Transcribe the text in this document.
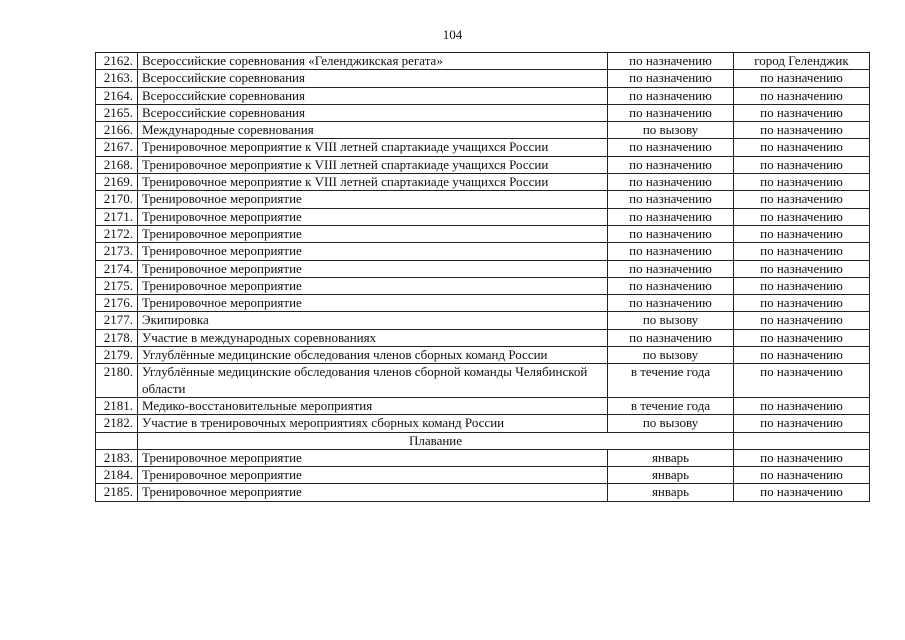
104
2162.	Всероссийские соревнования «Геленджикская регата»	по назначению	город Геленджик
2163.	Всероссийские соревнования	по назначению	по назначению
2164.	Всероссийские соревнования	по назначению	по назначению
2165.	Всероссийские соревнования	по назначению	по назначению
2166.	Международные соревнования	по вызову	по назначению
2167.	Тренировочное мероприятие к VIII летней спартакиаде учащихся России	по назначению	по назначению
2168.	Тренировочное мероприятие к VIII летней спартакиаде учащихся России	по назначению	по назначению
2169.	Тренировочное мероприятие к VIII летней спартакиаде учащихся России	по назначению	по назначению
2170.	Тренировочное мероприятие	по назначению	по назначению
2171.	Тренировочное мероприятие	по назначению	по назначению
2172.	Тренировочное мероприятие	по назначению	по назначению
2173.	Тренировочное мероприятие	по назначению	по назначению
2174.	Тренировочное мероприятие	по назначению	по назначению
2175.	Тренировочное мероприятие	по назначению	по назначению
2176.	Тренировочное мероприятие	по назначению	по назначению
2177.	Экипировка	по вызову	по назначению
2178.	Участие в международных соревнованиях	по назначению	по назначению
2179.	Углублённые медицинские обследования членов сборных команд России	по вызову	по назначению
2180.	Углублённые медицинские обследования членов сборной команды Челябинской области	в течение года	по назначению
2181.	Медико-восстановительные мероприятия	в течение года	по назначению
2182.	Участие в тренировочных мероприятиях сборных команд России	по вызову	по назначению
	Плавание		
2183.	Тренировочное мероприятие	январь	по назначению
2184.	Тренировочное мероприятие	январь	по назначению
2185.	Тренировочное мероприятие	январь	по назначению
